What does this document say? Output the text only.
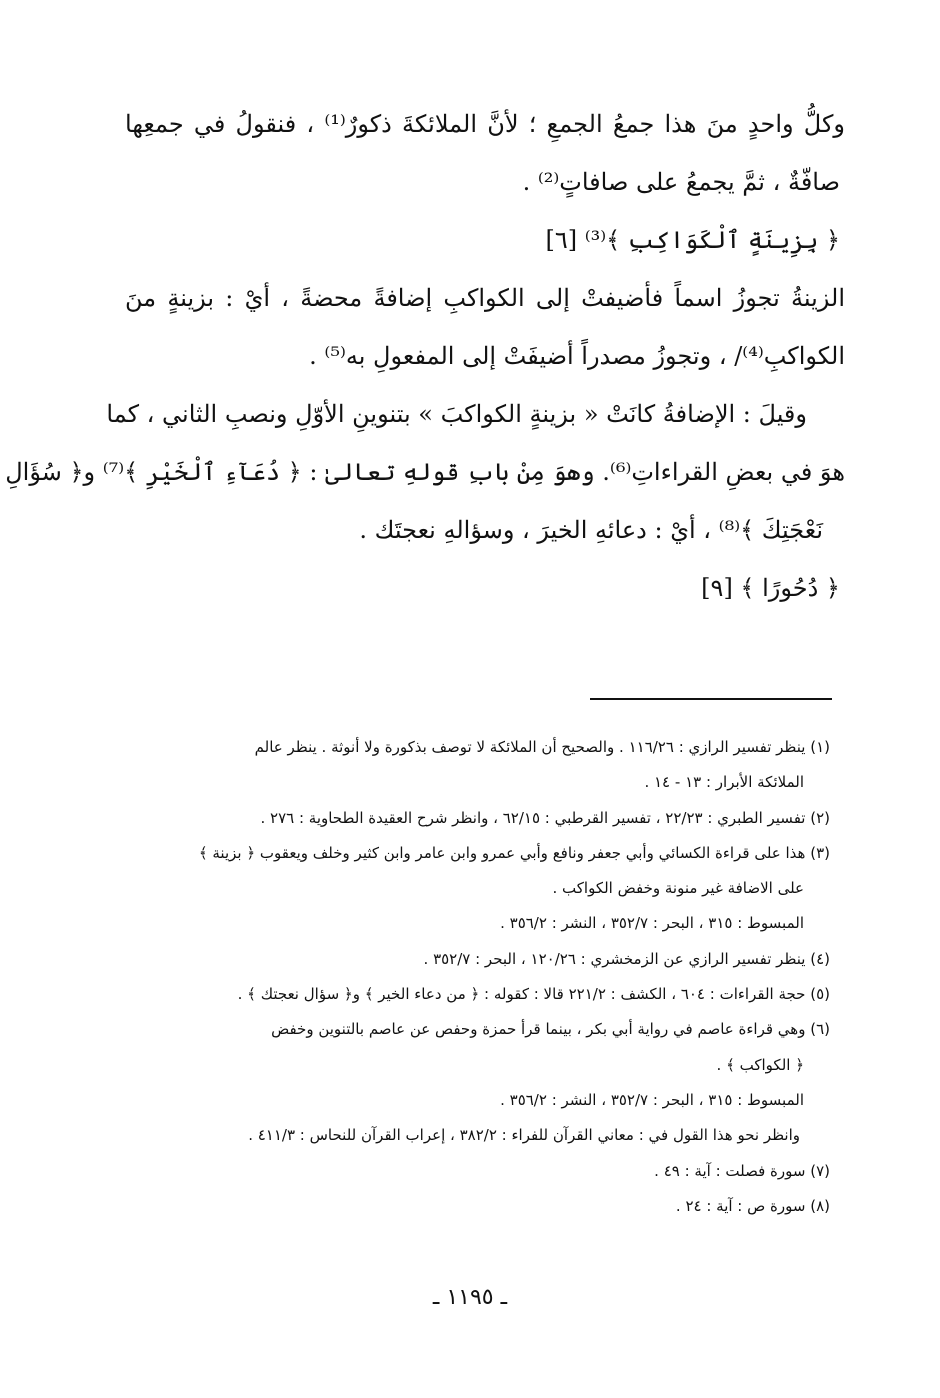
وكلُّ واحدٍ منَ هذا جمعُ الجمعِ ؛ لأنَّ الملائكةَ ذكورٌ⁽¹⁾ ، فنقولُ في جمعِها
صافّةٌ ، ثمَّ يجمعُ على صافاتٍ⁽²⁾ .
﴿ بِزِينَةٍ ٱلْكَوَاكِبِ ﴾⁽³⁾ [٦]
الزينةُ تجوزُ اسماً فأضيفتْ إلى الكواكبِ إضافةً محضةً ، أيْ : بزينةٍ منَ
الكواكبِ⁽⁴⁾/ ، وتجوزُ مصدراً أضيفَتْ إلى المفعولِ به⁽⁵⁾ .
وقيلَ : الإضافةُ كانَتْ « بزينةٍ الكواكبَ » بتنوينِ الأوّلِ ونصبِ الثاني ، كما
هوَ في بعضِ القراءاتِ⁽⁶⁾. وهوَ مِنْ بابِ قولهِ تعالىٰ : ﴿ دُعَآءِ ٱلْخَيْرِ ﴾⁽⁷⁾ و﴿ سُؤَالِ
نَعْجَتِكَ ﴾⁽⁸⁾ ، أيْ : دعائهِ الخيرَ ، وسؤالهِ نعجتَك .
﴿ دُحُورًا ﴾ [٩]
(١) ينظر تفسير الرازي : ١١٦/٢٦ . والصحيح أن الملائكة لا توصف بذكورة ولا أنوثة . ينظر عالم
الملائكة الأبرار : ١٣ - ١٤ .
(٢) تفسير الطبري : ٢٢/٢٣ ، تفسير القرطبي : ٦٢/١٥ ، وانظر شرح العقيدة الطحاوية : ٢٧٦ .
(٣) هذا على قراءة الكسائي وأبي جعفر ونافع وأبي عمرو وابن عامر وابن كثير وخلف ويعقوب ﴿ بزينة ﴾
على الاضافة غير منونة وخفض الكواكب .
المبسوط : ٣١٥ ، البحر : ٣٥٢/٧ ، النشر : ٣٥٦/٢ .
(٤) ينظر تفسير الرازي عن الزمخشري : ١٢٠/٢٦ ، البحر : ٣٥٢/٧ .
(٥) حجة القراءات : ٦٠٤ ، الكشف : ٢٢١/٢ قالا : كقوله : ﴿ من دعاء الخير ﴾ و﴿ سؤال نعجتك ﴾ .
(٦) وهي قراءة عاصم في رواية أبي بكر ، بينما قرأ حمزة وحفص عن عاصم بالتنوين وخفض
﴿ الكواكب ﴾ .
المبسوط : ٣١٥ ، البحر : ٣٥٢/٧ ، النشر : ٣٥٦/٢ .
وانظر نحو هذا القول في : معاني القرآن للفراء : ٣٨٢/٢ ، إعراب القرآن للنحاس : ٤١١/٣ .
(٧) سورة فصلت : آية : ٤٩ .
(٨) سورة ص : آية : ٢٤ .
ـ ١١٩٥ ـ
